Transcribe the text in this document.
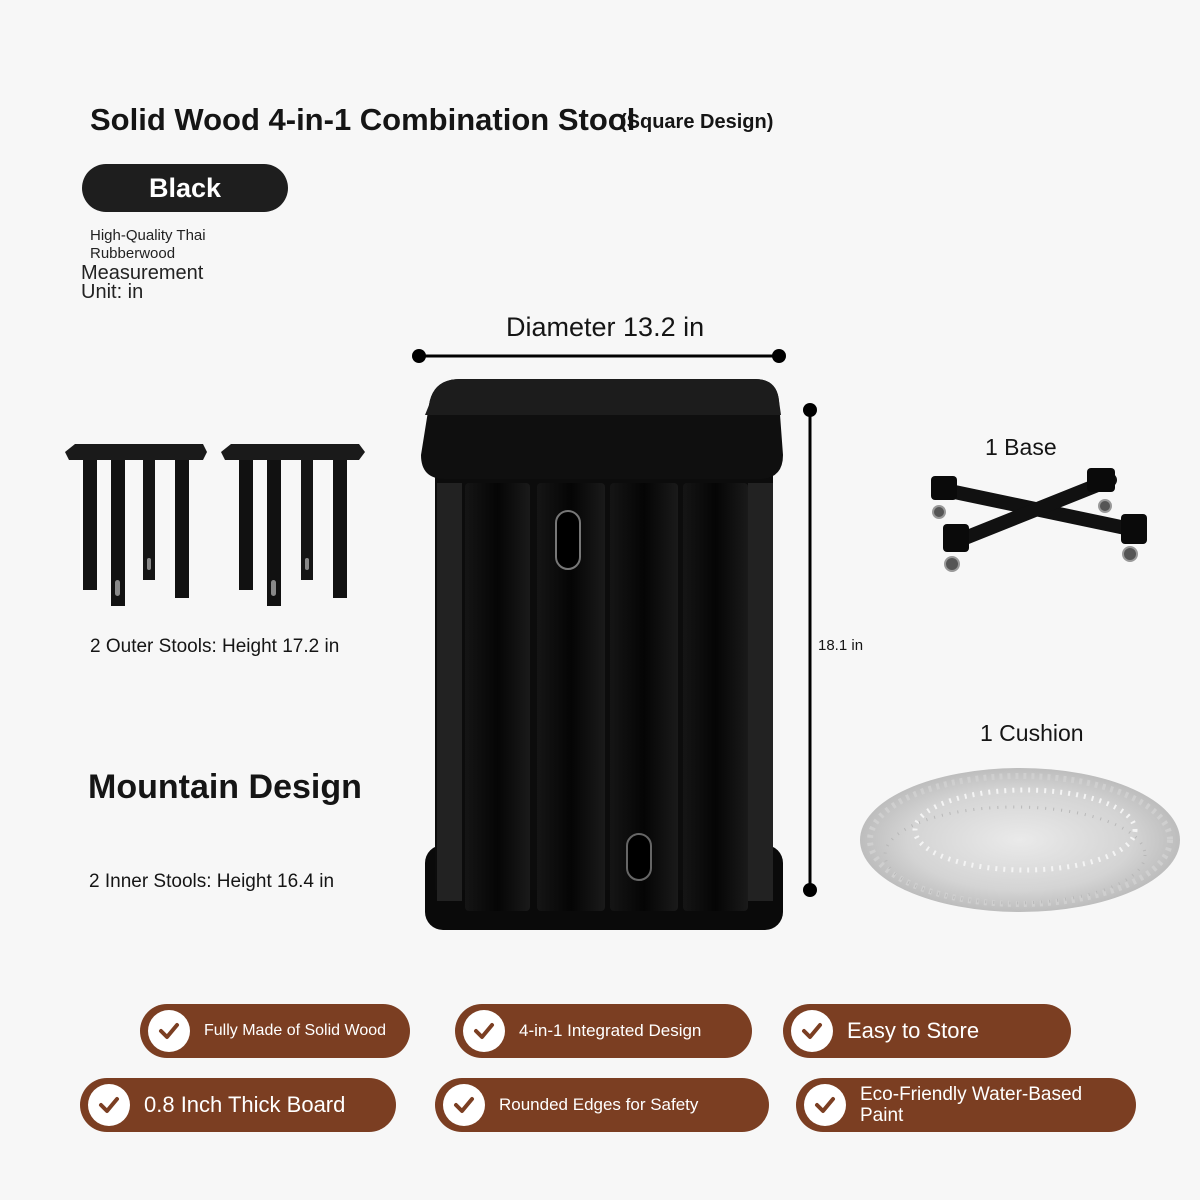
Solid Wood 4-in-1 Combination Stool
(Square Design)
Black
High-Quality Thai Rubberwood
Measurement Unit: in
Diameter 13.2 in
18.1 in
2 Outer Stools: Height 17.2 in
1 Base
1 Cushion
Mountain Design
2 Inner Stools: Height 16.4 in
Fully Made of Solid Wood	4-in-1 Integrated Design	Easy to Store
0.8 Inch Thick Board	Rounded Edges for Safety	Eco-Friendly Water-Based Paint
